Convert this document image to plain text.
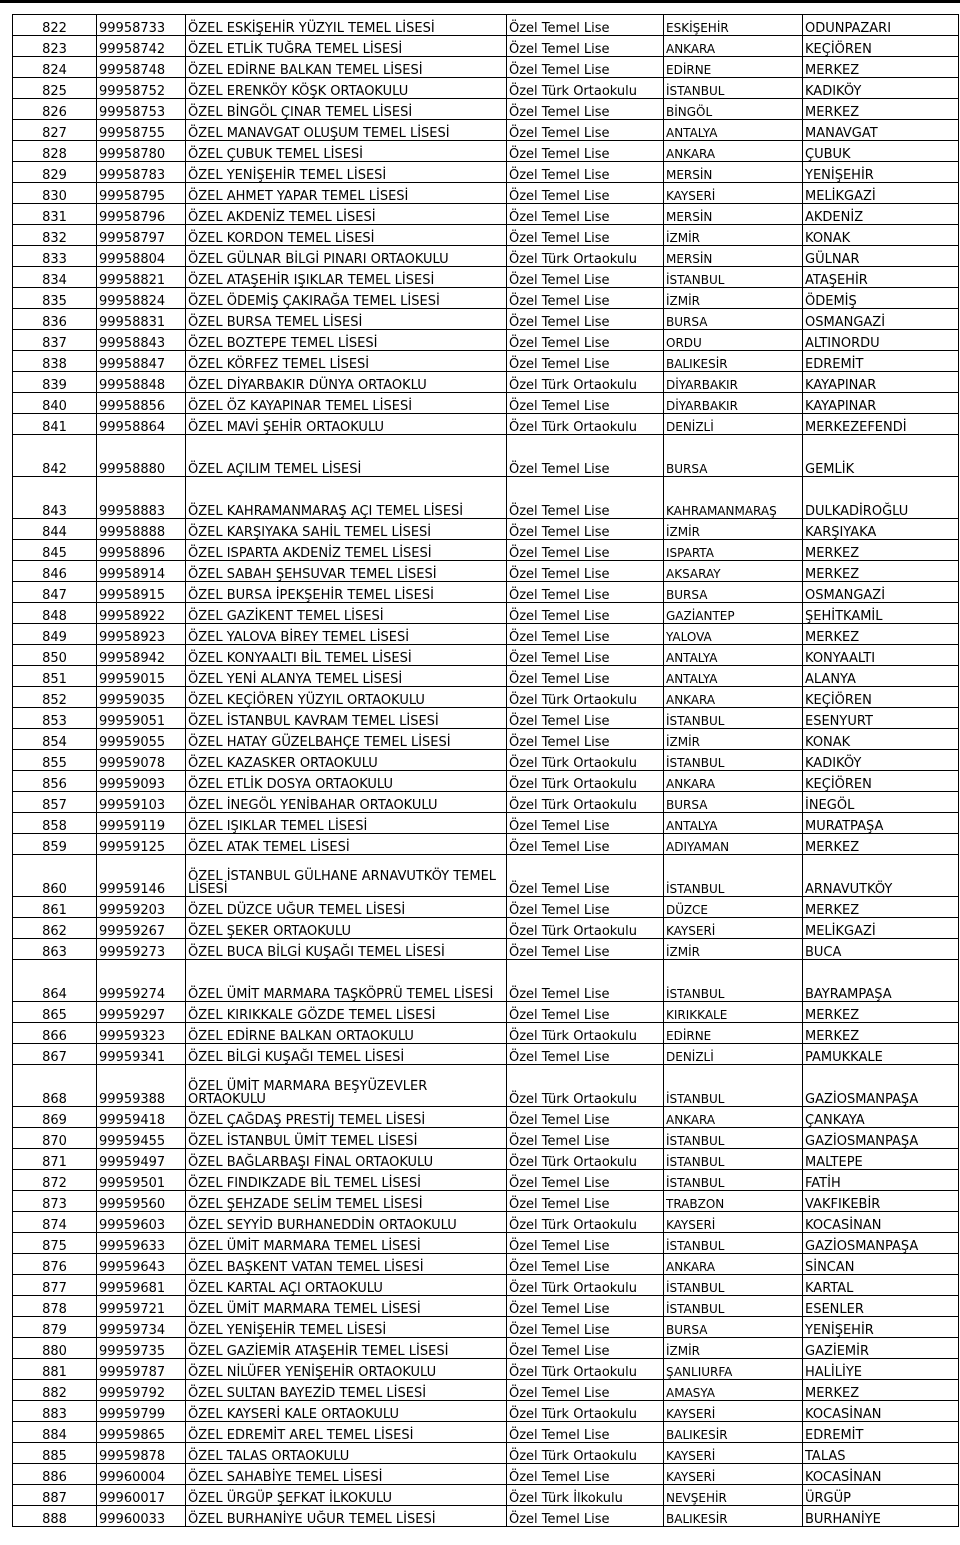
822	99958733	ÖZEL ESKİŞEHİR YÜZYIL TEMEL LİSESİ	Özel Temel Lise	ESKİŞEHİR	ODUNPAZARI
823	99958742	ÖZEL ETLİK TUĞRA TEMEL LİSESİ	Özel Temel Lise	ANKARA	KEÇİÖREN
824	99958748	ÖZEL EDİRNE BALKAN TEMEL LİSESİ	Özel Temel Lise	EDİRNE	MERKEZ
825	99958752	ÖZEL ERENKÖY KÖŞK ORTAOKULU	Özel Türk Ortaokulu	İSTANBUL	KADIKÖY
826	99958753	ÖZEL BİNGÖL ÇINAR TEMEL LİSESİ	Özel Temel Lise	BİNGÖL	MERKEZ
827	99958755	ÖZEL MANAVGAT OLUŞUM TEMEL LİSESİ	Özel Temel Lise	ANTALYA	MANAVGAT
828	99958780	ÖZEL ÇUBUK TEMEL LİSESİ	Özel Temel Lise	ANKARA	ÇUBUK
829	99958783	ÖZEL YENİŞEHİR TEMEL LİSESİ	Özel Temel Lise	MERSİN	YENİŞEHİR
830	99958795	ÖZEL AHMET YAPAR TEMEL LİSESİ	Özel Temel Lise	KAYSERİ	MELİKGAZİ
831	99958796	ÖZEL AKDENİZ TEMEL LİSESİ	Özel Temel Lise	MERSİN	AKDENİZ
832	99958797	ÖZEL KORDON TEMEL LİSESİ	Özel Temel Lise	İZMİR	KONAK
833	99958804	ÖZEL GÜLNAR BİLGİ PINARI ORTAOKULU	Özel Türk Ortaokulu	MERSİN	GÜLNAR
834	99958821	ÖZEL ATAŞEHİR IŞIKLAR TEMEL LİSESİ	Özel Temel Lise	İSTANBUL	ATAŞEHİR
835	99958824	ÖZEL ÖDEMİŞ ÇAKIRAĞA TEMEL LİSESİ	Özel Temel Lise	İZMİR	ÖDEMİŞ
836	99958831	ÖZEL BURSA TEMEL LİSESİ	Özel Temel Lise	BURSA	OSMANGAZİ
837	99958843	ÖZEL BOZTEPE TEMEL LİSESİ	Özel Temel Lise	ORDU	ALTINORDU
838	99958847	ÖZEL KÖRFEZ TEMEL LİSESİ	Özel Temel Lise	BALIKESİR	EDREMİT
839	99958848	ÖZEL DİYARBAKIR DÜNYA ORTAOKLU	Özel Türk Ortaokulu	DİYARBAKIR	KAYAPINAR
840	99958856	ÖZEL ÖZ KAYAPINAR TEMEL LİSESİ	Özel Temel Lise	DİYARBAKIR	KAYAPINAR
841	99958864	ÖZEL MAVİ ŞEHİR ORTAOKULU	Özel Türk Ortaokulu	DENİZLİ	MERKEZEFENDİ
842	99958880	ÖZEL AÇILIM TEMEL LİSESİ	Özel Temel Lise	BURSA	GEMLİK
843	99958883	ÖZEL KAHRAMANMARAŞ AÇI TEMEL LİSESİ	Özel Temel Lise	KAHRAMANMARAŞ	DULKADİROĞLU
844	99958888	ÖZEL KARŞIYAKA SAHİL TEMEL LİSESİ	Özel Temel Lise	İZMİR	KARŞIYAKA
845	99958896	ÖZEL ISPARTA AKDENİZ TEMEL LİSESİ	Özel Temel Lise	ISPARTA	MERKEZ
846	99958914	ÖZEL SABAH ŞEHSUVAR TEMEL LİSESİ	Özel Temel Lise	AKSARAY	MERKEZ
847	99958915	ÖZEL BURSA İPEKŞEHİR TEMEL LİSESİ	Özel Temel Lise	BURSA	OSMANGAZİ
848	99958922	ÖZEL GAZİKENT TEMEL LİSESİ	Özel Temel Lise	GAZİANTEP	ŞEHİTKAMİL
849	99958923	ÖZEL YALOVA BİREY TEMEL LİSESİ	Özel Temel Lise	YALOVA	MERKEZ
850	99958942	ÖZEL KONYAALTI BİL TEMEL LİSESİ	Özel Temel Lise	ANTALYA	KONYAALTI
851	99959015	ÖZEL YENİ ALANYA TEMEL LİSESİ	Özel Temel Lise	ANTALYA	ALANYA
852	99959035	ÖZEL KEÇİÖREN YÜZYIL ORTAOKULU	Özel Türk Ortaokulu	ANKARA	KEÇİÖREN
853	99959051	ÖZEL İSTANBUL KAVRAM TEMEL LİSESİ	Özel Temel Lise	İSTANBUL	ESENYURT
854	99959055	ÖZEL HATAY GÜZELBAHÇE TEMEL LİSESİ	Özel Temel Lise	İZMİR	KONAK
855	99959078	ÖZEL KAZASKER ORTAOKULU	Özel Türk Ortaokulu	İSTANBUL	KADIKÖY
856	99959093	ÖZEL ETLİK DOSYA ORTAOKULU	Özel Türk Ortaokulu	ANKARA	KEÇİÖREN
857	99959103	ÖZEL İNEGÖL YENİBAHAR ORTAOKULU	Özel Türk Ortaokulu	BURSA	İNEGÖL
858	99959119	ÖZEL IŞIKLAR TEMEL LİSESİ	Özel Temel Lise	ANTALYA	MURATPAŞA
859	99959125	ÖZEL ATAK TEMEL LİSESİ	Özel Temel Lise	ADIYAMAN	MERKEZ
860	99959146	ÖZEL İSTANBUL GÜLHANE ARNAVUTKÖY TEMEL LİSESİ	Özel Temel Lise	İSTANBUL	ARNAVUTKÖY
861	99959203	ÖZEL DÜZCE UĞUR TEMEL LİSESİ	Özel Temel Lise	DÜZCE	MERKEZ
862	99959267	ÖZEL ŞEKER ORTAOKULU	Özel Türk Ortaokulu	KAYSERİ	MELİKGAZİ
863	99959273	ÖZEL BUCA BİLGİ KUŞAĞI TEMEL LİSESİ	Özel Temel Lise	İZMİR	BUCA
864	99959274	ÖZEL ÜMİT MARMARA TAŞKÖPRÜ TEMEL LİSESİ	Özel Temel Lise	İSTANBUL	BAYRAMPAŞA
865	99959297	ÖZEL KIRIKKALE GÖZDE TEMEL LİSESİ	Özel Temel Lise	KIRIKKALE	MERKEZ
866	99959323	ÖZEL EDİRNE BALKAN ORTAOKULU	Özel Türk Ortaokulu	EDİRNE	MERKEZ
867	99959341	ÖZEL BİLGİ KUŞAĞI TEMEL LİSESİ	Özel Temel Lise	DENİZLİ	PAMUKKALE
868	99959388	ÖZEL ÜMİT MARMARA BEŞYÜZEVLER ORTAOKULU	Özel Türk Ortaokulu	İSTANBUL	GAZİOSMANPAŞA
869	99959418	ÖZEL ÇAĞDAŞ PRESTİJ TEMEL LİSESİ	Özel Temel Lise	ANKARA	ÇANKAYA
870	99959455	ÖZEL İSTANBUL ÜMİT TEMEL LİSESİ	Özel Temel Lise	İSTANBUL	GAZİOSMANPAŞA
871	99959497	ÖZEL BAĞLARBAŞI FİNAL ORTAOKULU	Özel Türk Ortaokulu	İSTANBUL	MALTEPE
872	99959501	ÖZEL FINDIKZADE BİL TEMEL LİSESİ	Özel Temel Lise	İSTANBUL	FATİH
873	99959560	ÖZEL ŞEHZADE SELİM TEMEL LİSESİ	Özel Temel Lise	TRABZON	VAKFIKEBİR
874	99959603	ÖZEL SEYYİD BURHANEDDİN ORTAOKULU	Özel Türk Ortaokulu	KAYSERİ	KOCASİNAN
875	99959633	ÖZEL ÜMİT MARMARA TEMEL LİSESİ	Özel Temel Lise	İSTANBUL	GAZİOSMANPAŞA
876	99959643	ÖZEL BAŞKENT VATAN TEMEL LİSESİ	Özel Temel Lise	ANKARA	SİNCAN
877	99959681	ÖZEL KARTAL AÇI ORTAOKULU	Özel Türk Ortaokulu	İSTANBUL	KARTAL
878	99959721	ÖZEL ÜMİT MARMARA TEMEL LİSESİ	Özel Temel Lise	İSTANBUL	ESENLER
879	99959734	ÖZEL YENİŞEHİR TEMEL LİSESİ	Özel Temel Lise	BURSA	YENİŞEHİR
880	99959735	ÖZEL GAZİEMİR ATAŞEHİR TEMEL LİSESİ	Özel Temel Lise	İZMİR	GAZİEMİR
881	99959787	ÖZEL NİLÜFER YENİŞEHİR ORTAOKULU	Özel Türk Ortaokulu	ŞANLIURFA	HALİLİYE
882	99959792	ÖZEL SULTAN BAYEZİD TEMEL LİSESİ	Özel Temel Lise	AMASYA	MERKEZ
883	99959799	ÖZEL KAYSERİ KALE ORTAOKULU	Özel Türk Ortaokulu	KAYSERİ	KOCASİNAN
884	99959865	ÖZEL EDREMİT AREL TEMEL LİSESİ	Özel Temel Lise	BALIKESİR	EDREMİT
885	99959878	ÖZEL TALAS ORTAOKULU	Özel Türk Ortaokulu	KAYSERİ	TALAS
886	99960004	ÖZEL SAHABİYE TEMEL LİSESİ	Özel Temel Lise	KAYSERİ	KOCASİNAN
887	99960017	ÖZEL ÜRGÜP ŞEFKAT İLKOKULU	Özel Türk İlkokulu	NEVŞEHİR	ÜRGÜP
888	99960033	ÖZEL BURHANİYE UĞUR TEMEL LİSESİ	Özel Temel Lise	BALIKESİR	BURHANİYE
